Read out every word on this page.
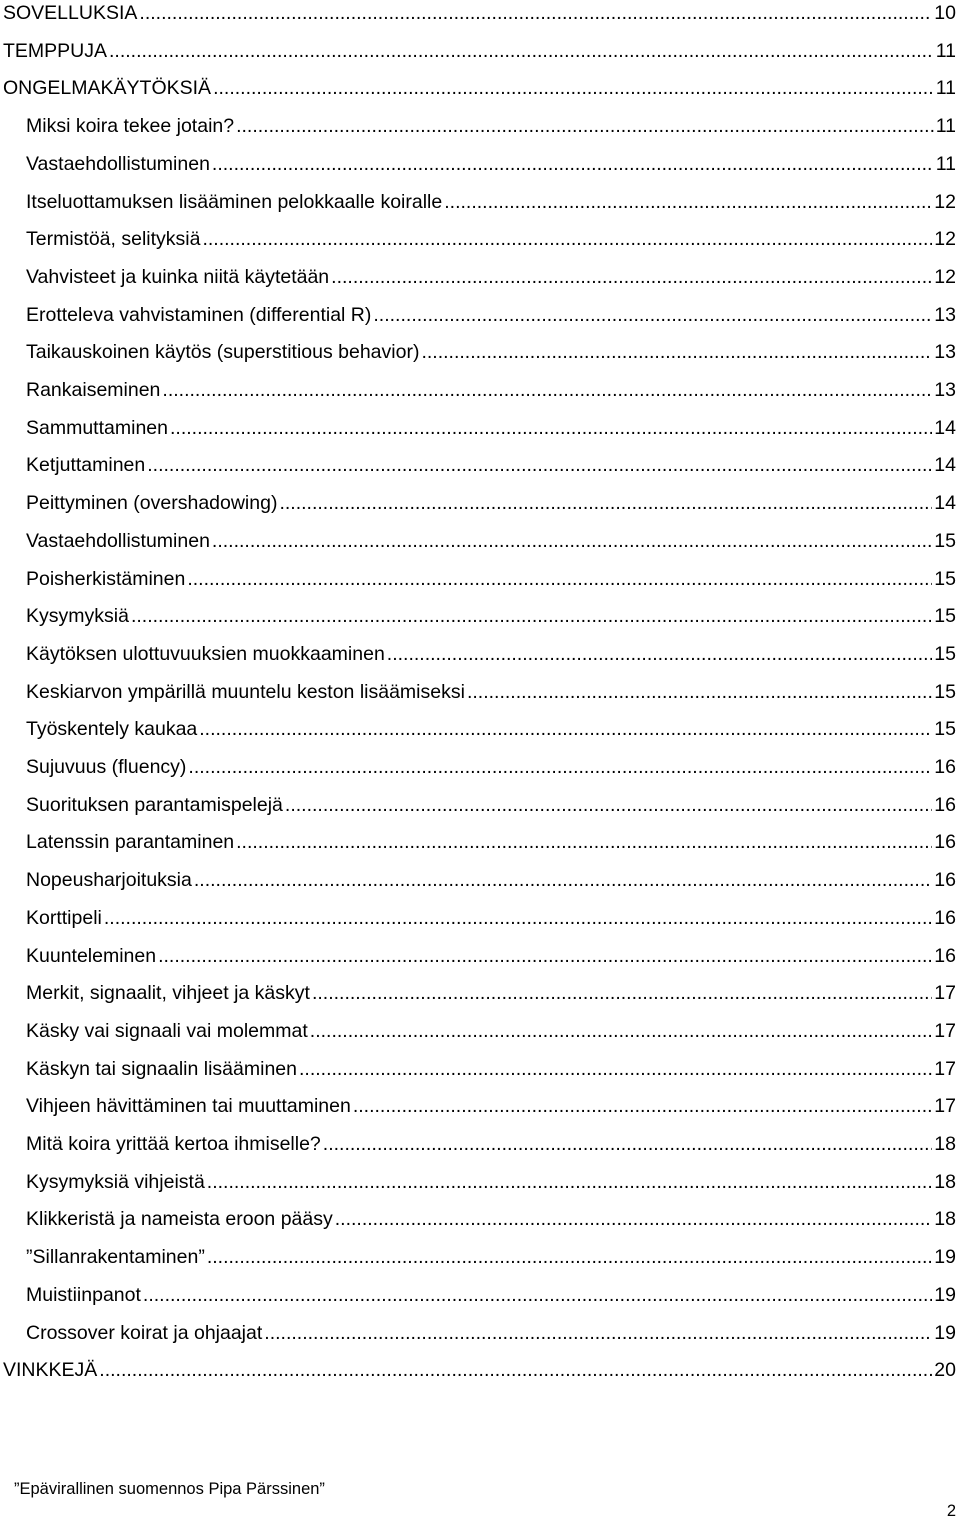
SOVELLUKSIA .....	10
TEMPPUJA .....	11
ONGELMAKÄYTÖKSIÄ .....	11
Miksi koira tekee jotain? .....	11
Vastaehdollistuminen .....	11
Itseluottamuksen lisääminen pelokkaalle koiralle .....	12
Termistöä, selityksiä .....	12
Vahvisteet ja kuinka niitä käytetään .....	12
Erotteleva vahvistaminen (differential R) .....	13
Taikauskoinen käytös (superstitious behavior) .....	13
Rankaiseminen .....	13
Sammuttaminen .....	14
Ketjuttaminen .....	14
Peittyminen (overshadowing) .....	14
Vastaehdollistuminen .....	15
Poisherkistäminen .....	15
Kysymyksiä .....	15
Käytöksen ulottuvuuksien muokkaaminen .....	15
Keskiarvon ympärillä muuntelu keston lisäämiseksi .....	15
Työskentely kaukaa .....	15
Sujuvuus (fluency) .....	16
Suorituksen parantamispelejä .....	16
Latenssin parantaminen .....	16
Nopeusharjoituksia .....	16
Korttipeli .....	16
Kuunteleminen .....	16
Merkit, signaalit, vihjeet ja käskyt .....	17
Käsky vai signaali vai molemmat .....	17
Käskyn tai signaalin lisääminen .....	17
Vihjeen hävittäminen tai muuttaminen .....	17
Mitä koira yrittää kertoa ihmiselle? .....	18
Kysymyksiä vihjeistä .....	18
Klikkeristä ja nameista eroon pääsy .....	18
”Sillanrakentaminen” .....	19
Muistiinpanot .....	19
Crossover koirat ja ohjaajat .....	19
VINKKEJÄ .....	20
”Epävirallinen suomennos Pipa Pärssinen”
2
